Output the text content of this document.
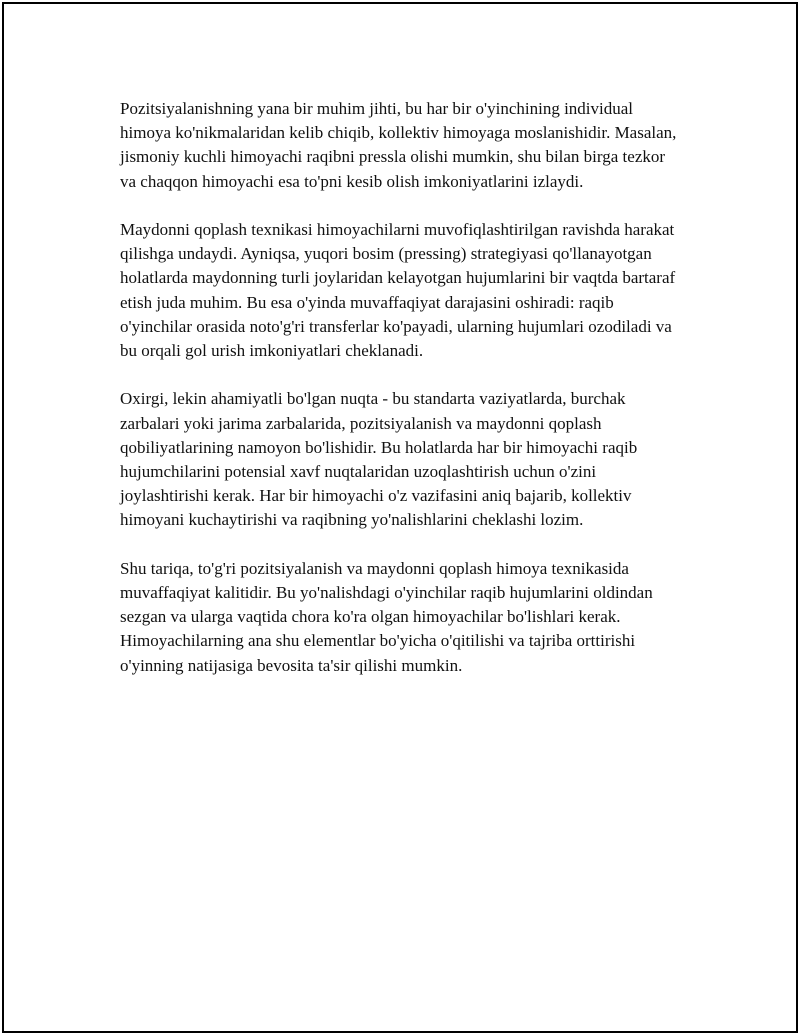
Pozitsiyalanishning yana bir muhim jihti, bu har bir o'yinchining individual himoya ko'nikmalaridan kelib chiqib, kollektiv himoyaga moslanishidir. Masalan, jismoniy kuchli himoyachi raqibni pressla olishi mumkin, shu bilan birga tezkor va chaqqon himoyachi esa to'pni kesib olish imkoniyatlarini izlaydi.

Maydonni qoplash texnikasi himoyachilarni muvofiqlashtirilgan ravishda harakat qilishga undaydi. Ayniqsa, yuqori bosim (pressing) strategiyasi qo'llanayotgan holatlarda maydonning turli joylaridan kelayotgan hujumlarini bir vaqtda bartaraf etish juda muhim. Bu esa o'yinda muvaffaqiyat darajasini oshiradi: raqib o'yinchilar orasida noto'g'ri transferlar ko'payadi, ularning hujumlari ozodiladi va bu orqali gol urish imkoniyatlari cheklanadi.

Oxirgi, lekin ahamiyatli bo'lgan nuqta - bu standarta vaziyatlarda, burchak zarbalari yoki jarima zarbalarida, pozitsiyalanish va maydonni qoplash qobiliyatlarining namoyon bo'lishidir. Bu holatlarda har bir himoyachi raqib hujumchilarini potensial xavf nuqtalaridan uzoqlashtirish uchun o'zini joylashtirishi kerak. Har bir himoyachi o'z vazifasini aniq bajarib, kollektiv himoyani kuchaytirishi va raqibning yo'nalishlarini cheklashi lozim.

Shu tariqa, to'g'ri pozitsiyalanish va maydonni qoplash himoya texnikasida muvaffaqiyat kalitidir. Bu yo'nalishdagi o'yinchilar raqib hujumlarini oldindan sezgan va ularga vaqtida chora ko'ra olgan himoyachilar bo'lishlari kerak. Himoyachilarning ana shu elementlar bo'yicha o'qitilishi va tajriba orttirishi o'yinning natijasiga bevosita ta'sir qilishi mumkin.
